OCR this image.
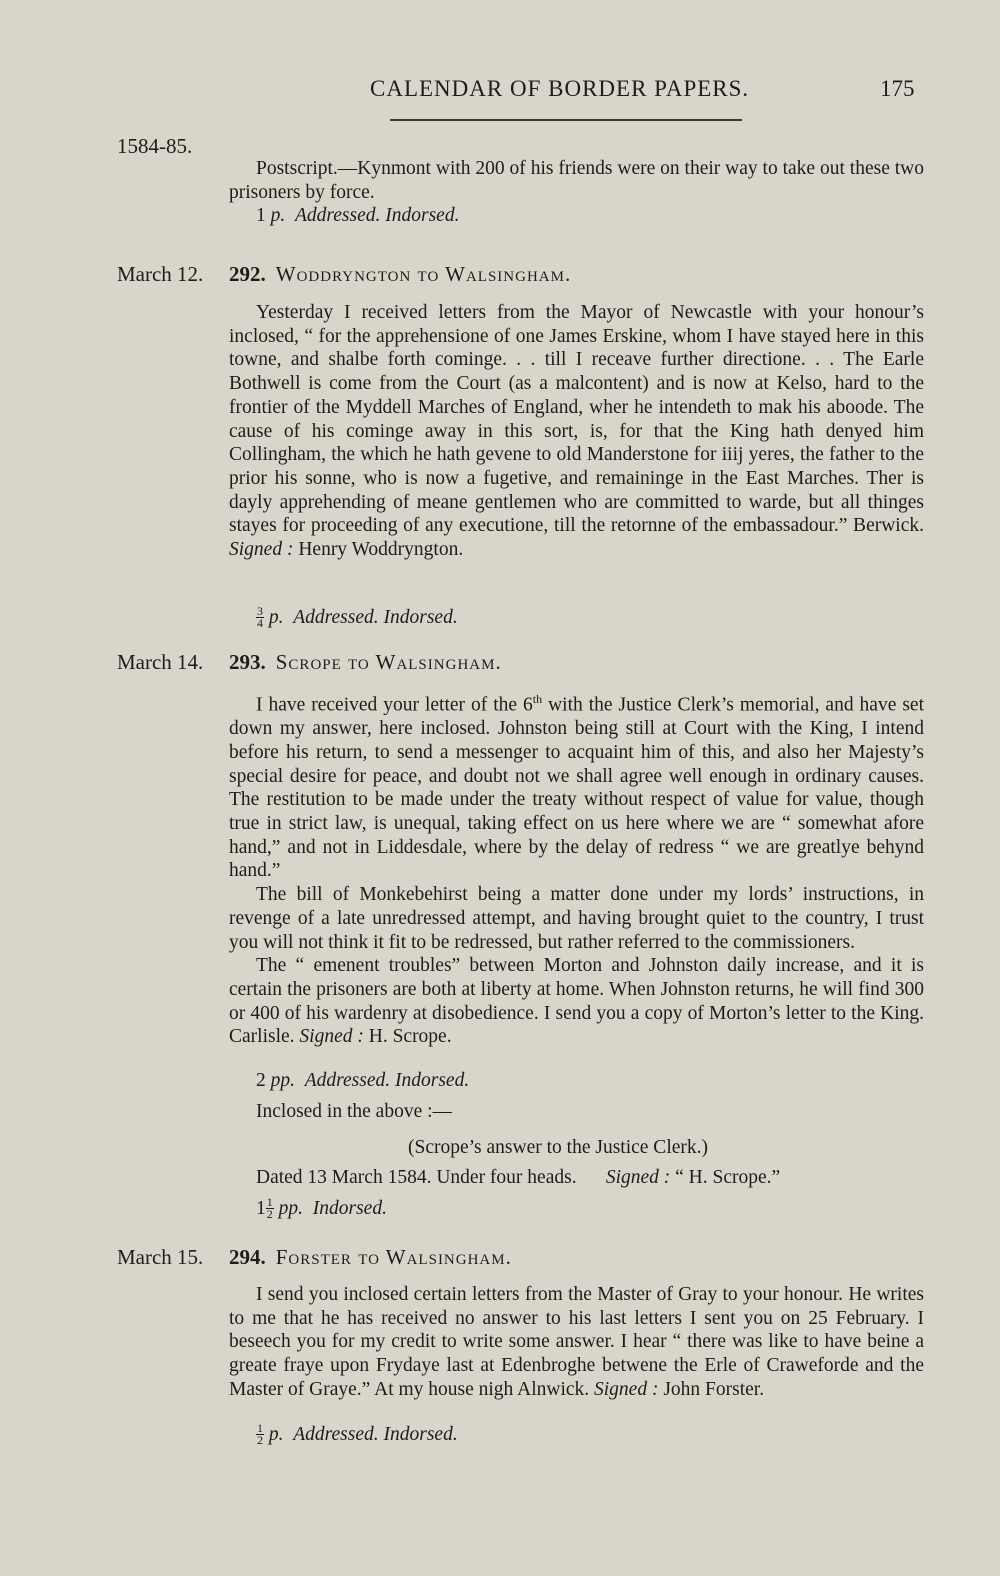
CALENDAR OF BORDER PAPERS.	175
1584-85.
Postscript.—Kynmont with 200 of his friends were on their way to take out these two prisoners by force.
1 p. Addressed. Indorsed.
March 12. 292. Woddryngton to Walsingham.
Yesterday I received letters from the Mayor of Newcastle with your honour’s inclosed, “ for the apprehensione of one James Erskine, whom I have stayed here in this towne, and shalbe forth cominge. . . till I receave further directione. . . The Earle Bothwell is come from the Court (as a malcontent) and is now at Kelso, hard to the frontier of the Myddell Marches of England, wher he intendeth to mak his aboode. The cause of his cominge away in this sort, is, for that the King hath denyed him Collingham, the which he hath gevene to old Manderstone for iiij yeres, the father to the prior his sonne, who is now a fugetive, and remaininge in the East Marches. Ther is dayly apprehending of meane gentlemen who are committed to warde, but all thinges stayes for proceeding of any executione, till the retornne of the embassadour.” Berwick. Signed : Henry Woddryngton.
$\frac{3}{4} p$. Addressed. Indorsed.
March 14. 293. Scrope to Walsingham.
I have received your letter of the 6th with the Justice Clerk’s memorial, and have set down my answer, here inclosed. Johnston being still at Court with the King, I intend before his return, to send a messenger to acquaint him of this, and also her Majesty’s special desire for peace, and doubt not we shall agree well enough in ordinary causes. The restitution to be made under the treaty without respect of value for value, though true in strict law, is unequal, taking effect on us here where we are “ somewhat afore hand,” and not in Liddesdale, where by the delay of redress “ we are greatlye behynd hand.”
The bill of Monkebehirst being a matter done under my lords’ instructions, in revenge of a late unredressed attempt, and having brought quiet to the country, I trust you will not think it fit to be redressed, but rather referred to the commissioners.
The “ emenent troubles” between Morton and Johnston daily increase, and it is certain the prisoners are both at liberty at home. When Johnston returns, he will find 300 or 400 of his wardenry at disobedience. I send you a copy of Morton’s letter to the King. Carlisle. Signed : H. Scrope.
2 pp. Addressed. Indorsed.
Inclosed in the above :—
(Scrope’s answer to the Justice Clerk.)
Dated 13 March 1584. Under four heads. Signed : “ H. Scrope.”
$1 \frac{1}{2}$ pp. Indorsed.
March 15. 294. Forster to Walsingham.
I send you inclosed certain letters from the Master of Gray to your honour. He writes to me that he has received no answer to his last letters I sent you on 25 February. I beseech you for my credit to write some answer. I hear “ there was like to have beine a greate fraye upon Frydaye last at Edenbroghe betwene the Erle of Craweforde and the Master of Graye.” At my house nigh Alnwick. Signed : John Forster.
$\frac{1}{2} p$. Addressed. Indorsed.
